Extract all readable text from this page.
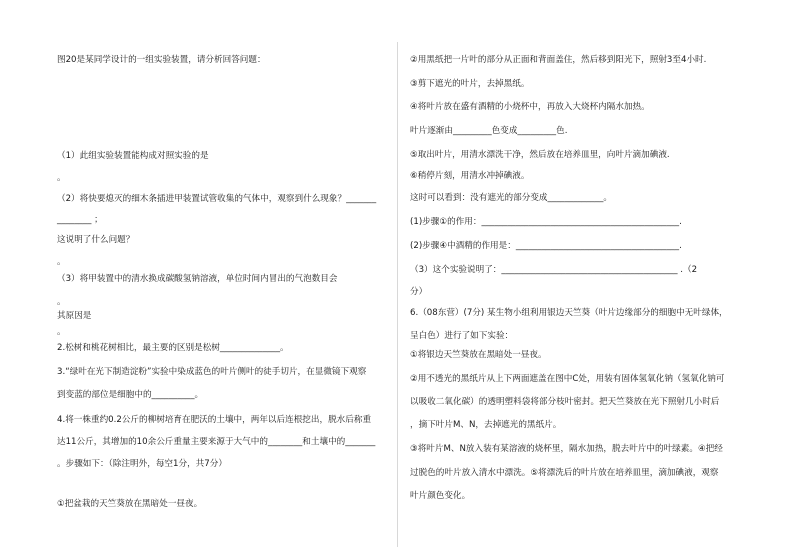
图20是某同学设计的一组实验装置，请分析回答问题：
（1）此组实验装置能构成对照实验的是
。
（2）将快要熄灭的细木条插进甲装置试管收集的气体中，观察到什么现象？_______
________ ；
这说明了什么问题？
。
（3）将甲装置中的清水换成碳酸氢钠溶液，单位时间内冒出的气泡数目会
。
其原因是
。
2.松树和桃花树相比，最主要的区别是松树______________。
3.“绿叶在光下制造淀粉”实验中染成蓝色的叶片侧叶的徒手切片，在显微镜下观察
到变蓝的部位是细胞中的__________。
4.将一株重约0.2公斤的柳树培育在肥沃的土壤中，两年以后连根挖出，脱水后称重
达11公斤，其增加的10余公斤重量主要来源于大气中的________和土壤中的_______
。步骤如下：（除注明外，每空1分，共7分）
①把盆栽的天竺葵放在黑暗处一昼夜。
②用黑纸把一片叶的部分从正面和背面盖住，然后移到阳光下，照射3至4小时.
③剪下遮光的叶片，去掉黑纸。
④将叶片放在盛有酒精的小烧杯中，再放入大烧杯内隔水加热。
叶片逐渐由_________色变成_________色.
⑤取出叶片，用清水漂洗干净，然后放在培养皿里，向叶片滴加碘液.
⑥稍停片刻，用清水冲掉碘液。
这时可以看到：没有遮光的部分变成_____________。
(1)步骤①的作用：______________________________________________.
(2)步骤④中酒精的作用是：______________________________________.
（3）这个实验说明了：_________________________________________ .（2
分）
6.（08东营）(7分) 某生物小组利用银边天竺葵（叶片边缘部分的细胞中无叶绿体，
呈白色）进行了如下实验：
①将银边天竺葵放在黑暗处一昼夜。
②用不透光的黑纸片从上下两面遮盖在图中C处，用装有固体氢氧化钠（氢氧化钠可
以吸收二氧化碳）的透明塑料袋将部分枝叶密封。把天竺葵放在光下照射几小时后
，摘下叶片M、N，去掉遮光的黑纸片。
③将叶片M、N放入装有某溶液的烧杯里，隔水加热，脱去叶片中的叶绿素。④把经
过脱色的叶片放入清水中漂洗。⑤将漂洗后的叶片放在培养皿里，滴加碘液，观察
叶片颜色变化。
